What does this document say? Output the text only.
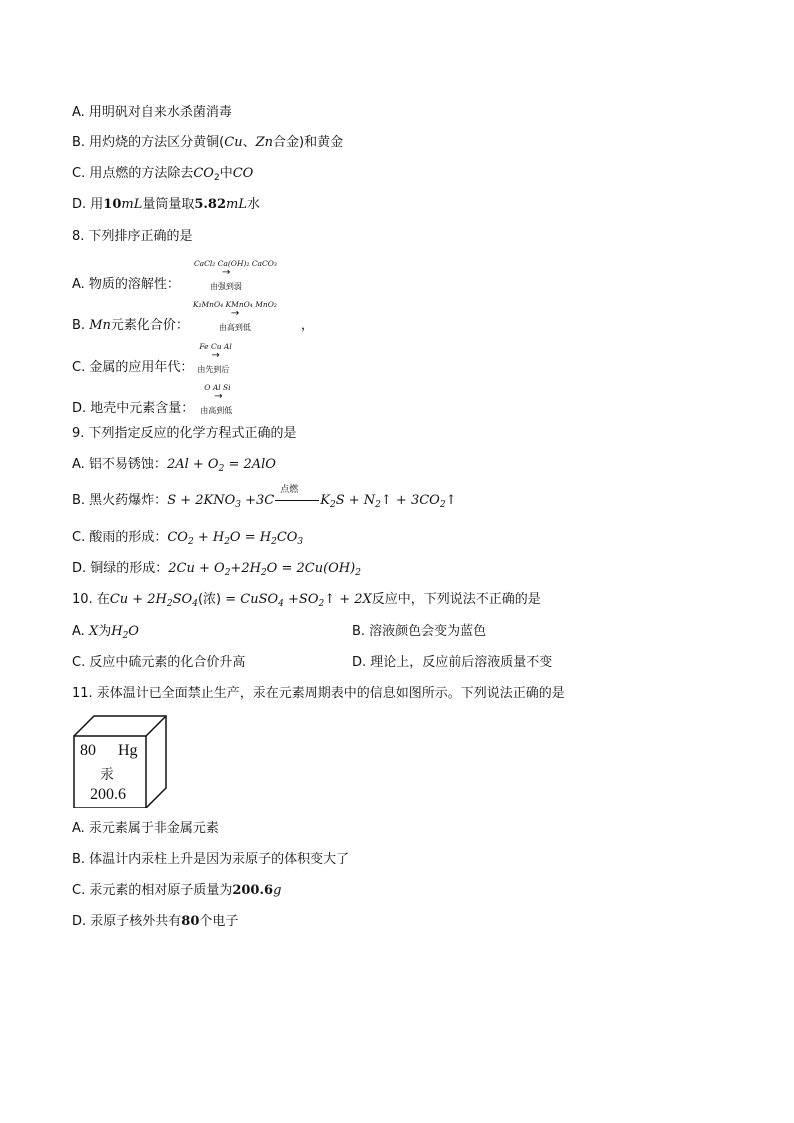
A. 用明矾对自来水杀菌消毒
B. 用灼烧的方法区分黄铜(Cu、Zn合金)和黄金
C. 用点燃的方法除去$CO_2$中CO
D. 用10mL量筒量取5.82mL水
8. 下列排序正确的是
A. 物质的溶解性：
CaCl₂ Ca(OH)₂ CaCO₃
→
由强到弱
B. Mn元素化合价：
K₂MnO₄ KMnO₄ MnO₂
→
由高到低	，
C. 金属的应用年代：
Fe Cu Al
→
由先到后
D. 地壳中元素含量：
O Al Si
→
由高到低
9. 下列指定反应的化学方程式正确的是
A. 铝不易锈蚀：$2Al + O_2 = 2AlO$
B. 黑火药爆炸：$S + 2KNO_3 +3C$
点燃
$K_2S$ + $N_2↑$ + $3CO_2↑$
C. 酸雨的形成：$CO_2 + H_2O = H_2CO_3$
D. 铜绿的形成：$2Cu + O_2+2H_2O = 2Cu(OH)_2$
10. 在$Cu + 2H_2SO_4$(浓) = CuSO$_4$ $+SO_2↑ + 2X$反应中，下列说法不正确的是
A. X为$H_2O$	B. 溶液颜色会变为蓝色
C. 反应中硫元素的化合价升高	D. 理论上，反应前后溶液质量不变
11. 汞体温计已全面禁止生产，汞在元素周期表中的信息如图所示。下列说法正确的是
80 Hg
汞
200.6
A. 汞元素属于非金属元素
B. 体温计内汞柱上升是因为汞原子的体积变大了
C. 汞元素的相对原子质量为200.6g
D. 汞原子核外共有80个电子
